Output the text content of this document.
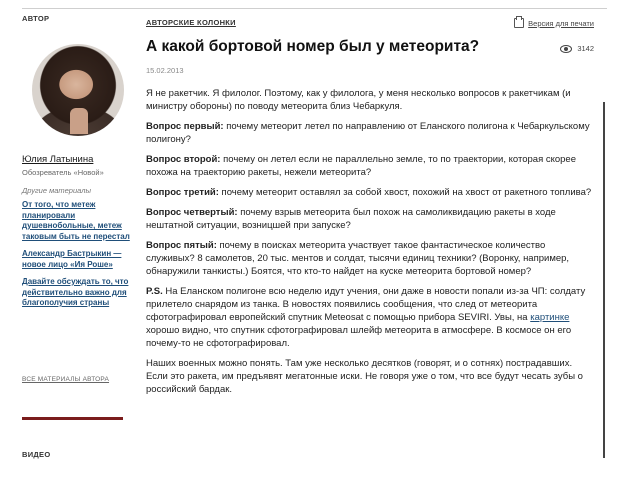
АВТОР
Юлия Латынина
Обозреватель «Новой»
Другие материалы
От того, что метеж планировали душевнобольные, метеж таковым быть не перестал
Александр Бастрыкин — новое лицо «Ия Роше»
Давайте обсуждать то, что действительно важно для благополучия страны
ВСЕ МАТЕРИАЛЫ АВТОРА
ВИДЕО
АВТОРСКИЕ КОЛОНКИ	Версия для печати
А какой бортовой номер был у метеорита?	3142
15.02.2013

Я не ракетчик. Я филолог. Поэтому, как у филолога, у меня несколько вопросов к ракетчикам (и министру обороны) по поводу метеорита близ Чебаркуля.

Вопрос первый: почему метеорит летел по направлению от Еланского полигона к Чебаркульскому полигону?

Вопрос второй: почему он летел если не параллельно земле, то по траектории, которая скорее похожа на траекторию ракеты, нежели метеорита?

Вопрос третий: почему метеорит оставлял за собой хвост, похожий на хвост от ракетного топлива?

Вопрос четвертый: почему взрыв метеорита был похож на самоликвидацию ракеты в ходе нештатной ситуации, возницшей при запуске?

Вопрос пятый: почему в поисках метеорита участвует такое фантастическое количество служивых? 8 самолетов, 20 тыс. ментов и солдат, тысячи единиц техники? (Воронку, например, обнаружили танкисты.) Боятся, что кто-то найдет на куске метеорита бортовой номер?

P.S. На Еланском полигоне всю неделю идут учения, они даже в новости попали из-за ЧП: солдату прилетело снарядом из танка. В новостях появились сообщения, что след от метеорита сфотографировал европейский спутник Meteosat с помощью прибора SEVIRI. Увы, на картинке хорошо видно, что спутник сфотографировал шлейф метеорита в атмосфере. В космосе он его почему-то не сфотографировал.

Наших военных можно понять. Там уже несколько десятков (говорят, и о сотнях) пострадавших. Если это ракета, им предъявят мегатонные иски. Не говоря уже о том, что все будут чесать зубы о российский бардак.
